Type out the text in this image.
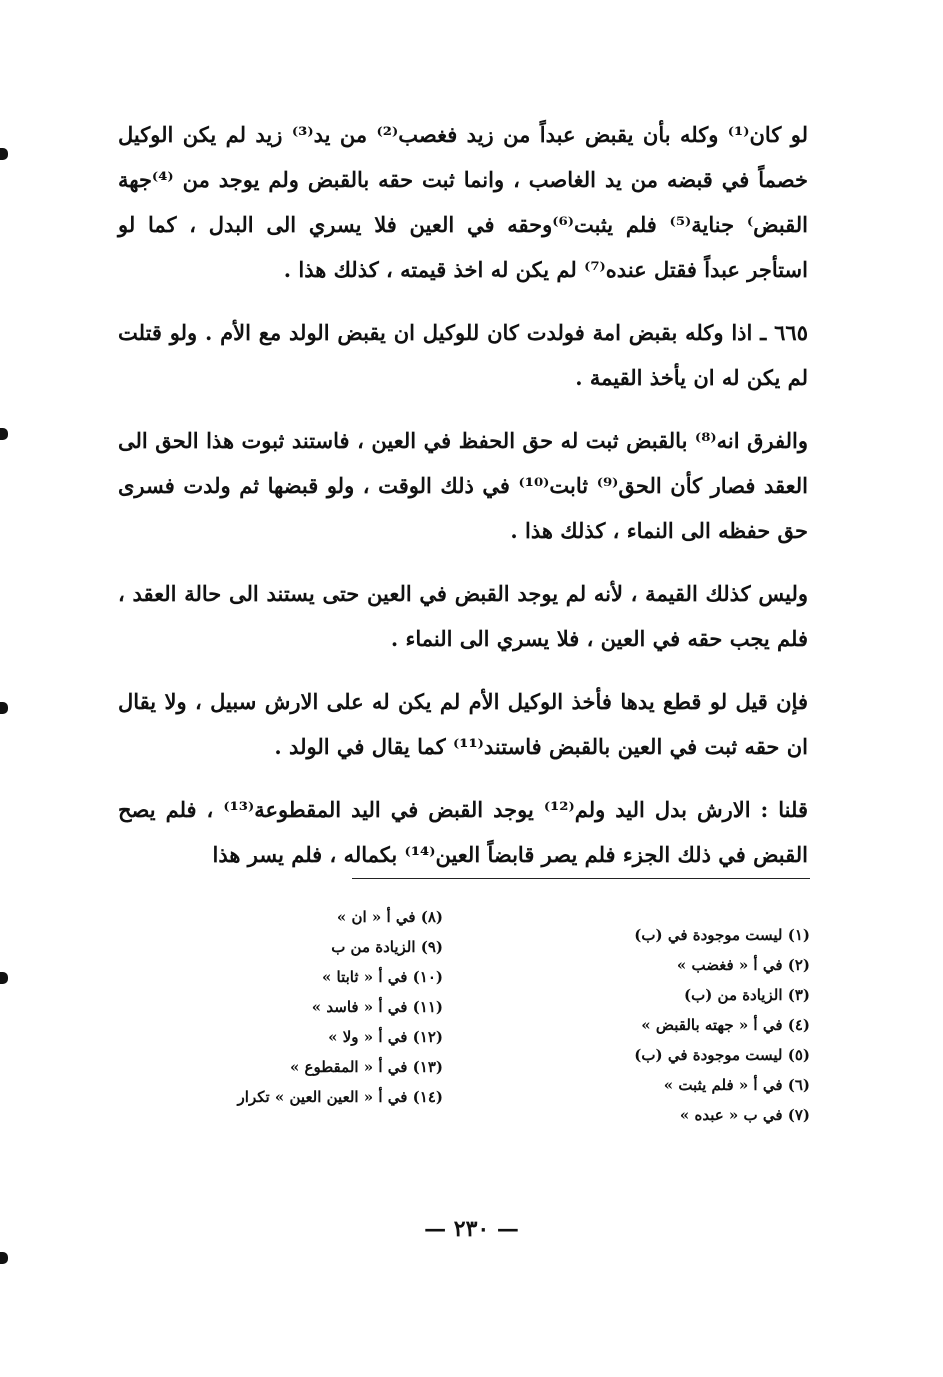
لو كان⁽¹⁾ وكله بأن يقبض عبداً من زيد فغصب⁽²⁾ من يد⁽³⁾ زيد لم يكن الوكيل خصماً في قبضه من يد الغاصب ، وانما ثبت حقه بالقبض ولم يوجد من ⁽⁴⁾جهة القبض⁾ جناية⁽⁵⁾ فلم يثبت⁽⁶⁾وحقه في العين فلا يسري الى البدل ، كما لو استأجر عبداً فقتل عنده⁽⁷⁾ لم يكن له اخذ قيمته ، كذلك هذا .

٦٦٥ ـ اذا وكله بقبض امة فولدت كان للوكيل ان يقبض الولد مع الأم . ولو قتلت لم يكن له ان يأخذ القيمة .

والفرق انه⁽⁸⁾ بالقبض ثبت له حق الحفظ في العين ، فاستند ثبوت هذا الحق الى العقد فصار كأن الحق⁽⁹⁾ ثابت⁽¹⁰⁾ في ذلك الوقت ، ولو قبضها ثم ولدت فسرى حق حفظه الى النماء ، كذلك هذا .

وليس كذلك القيمة ، لأنه لم يوجد القبض في العين حتى يستند الى حالة العقد ، فلم يجب حقه في العين ، فلا يسري الى النماء .

فإن قيل لو قطع يدها فأخذ الوكيل الأم لم يكن له على الارش سبيل ، ولا يقال ان حقه ثبت في العين بالقبض فاستند⁽¹¹⁾ كما يقال في الولد .

قلنا : الارش بدل اليد ولم⁽¹²⁾ يوجد القبض في اليد المقطوعة⁽¹³⁾ ، فلم يصح القبض في ذلك الجزء فلم يصر قابضاً العين⁽¹⁴⁾ بكماله ، فلم يسر هذا

(١) ليست موجودة في (ب)
(٢) في أ « فغضب »
(٣) الزيادة من (ب)
(٤) في أ « جهته بالقبض »
(٥) ليست موجودة في (ب)
(٦) في أ « فلم يثبت »
(٧) في ب « عبده »
(٨) في أ « ان »
(٩) الزيادة من ب
(١٠) في أ « ثابتا »
(١١) في أ « فاسد »
(١٢) في أ « ولا »
(١٣) في أ « المقطوع »
(١٤) في أ « العين العين » تكرار
— ٢٣٠ —
